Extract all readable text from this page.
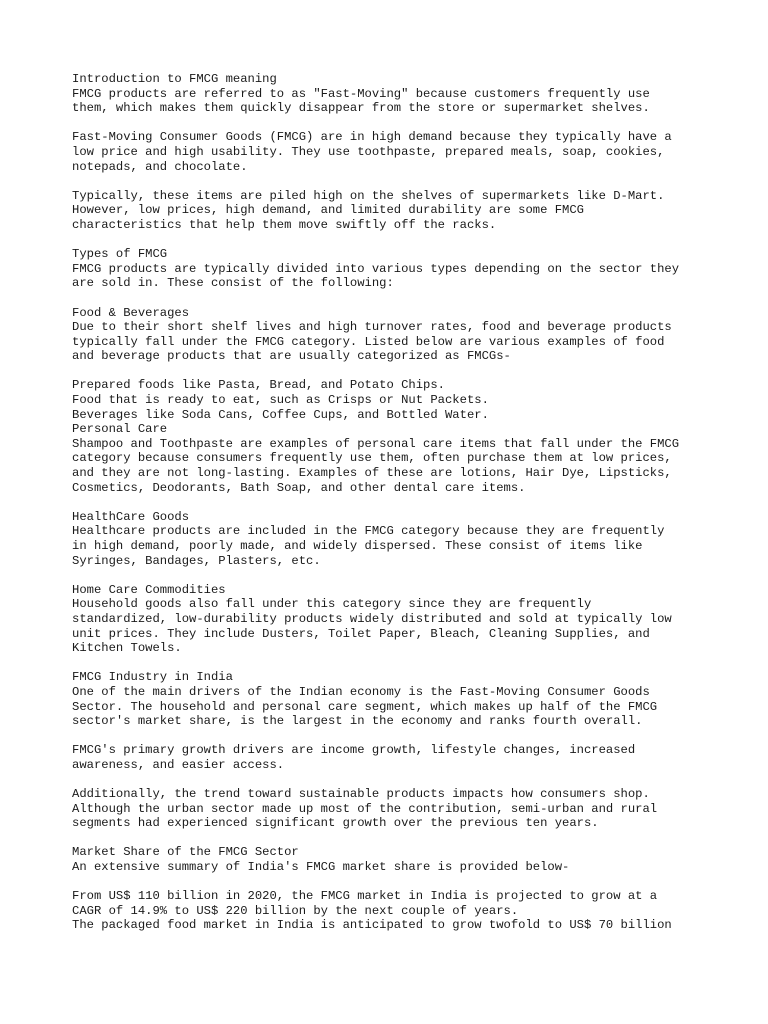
Introduction to FMCG meaning
FMCG products are referred to as "Fast-Moving" because customers frequently use
them, which makes them quickly disappear from the store or supermarket shelves.
Fast-Moving Consumer Goods (FMCG) are in high demand because they typically have a
low price and high usability. They use toothpaste, prepared meals, soap, cookies,
notepads, and chocolate.
Typically, these items are piled high on the shelves of supermarkets like D-Mart.
However, low prices, high demand, and limited durability are some FMCG
characteristics that help them move swiftly off the racks.
Types of FMCG
FMCG products are typically divided into various types depending on the sector they
are sold in. These consist of the following:
Food & Beverages
Due to their short shelf lives and high turnover rates, food and beverage products
typically fall under the FMCG category. Listed below are various examples of food
and beverage products that are usually categorized as FMCGs-
Prepared foods like Pasta, Bread, and Potato Chips.
Food that is ready to eat, such as Crisps or Nut Packets.
Beverages like Soda Cans, Coffee Cups, and Bottled Water.
Personal Care
Shampoo and Toothpaste are examples of personal care items that fall under the FMCG
category because consumers frequently use them, often purchase them at low prices,
and they are not long-lasting. Examples of these are lotions, Hair Dye, Lipsticks,
Cosmetics, Deodorants, Bath Soap, and other dental care items.
HealthCare Goods
Healthcare products are included in the FMCG category because they are frequently
in high demand, poorly made, and widely dispersed. These consist of items like
Syringes, Bandages, Plasters, etc.
Home Care Commodities
Household goods also fall under this category since they are frequently
standardized, low-durability products widely distributed and sold at typically low
unit prices. They include Dusters, Toilet Paper, Bleach, Cleaning Supplies, and
Kitchen Towels.
FMCG Industry in India
One of the main drivers of the Indian economy is the Fast-Moving Consumer Goods
Sector. The household and personal care segment, which makes up half of the FMCG
sector's market share, is the largest in the economy and ranks fourth overall.
FMCG's primary growth drivers are income growth, lifestyle changes, increased
awareness, and easier access.
Additionally, the trend toward sustainable products impacts how consumers shop.
Although the urban sector made up most of the contribution, semi-urban and rural
segments had experienced significant growth over the previous ten years.
Market Share of the FMCG Sector
An extensive summary of India's FMCG market share is provided below-
From US$ 110 billion in 2020, the FMCG market in India is projected to grow at a
CAGR of 14.9% to US$ 220 billion by the next couple of years.
The packaged food market in India is anticipated to grow twofold to US$ 70 billion
